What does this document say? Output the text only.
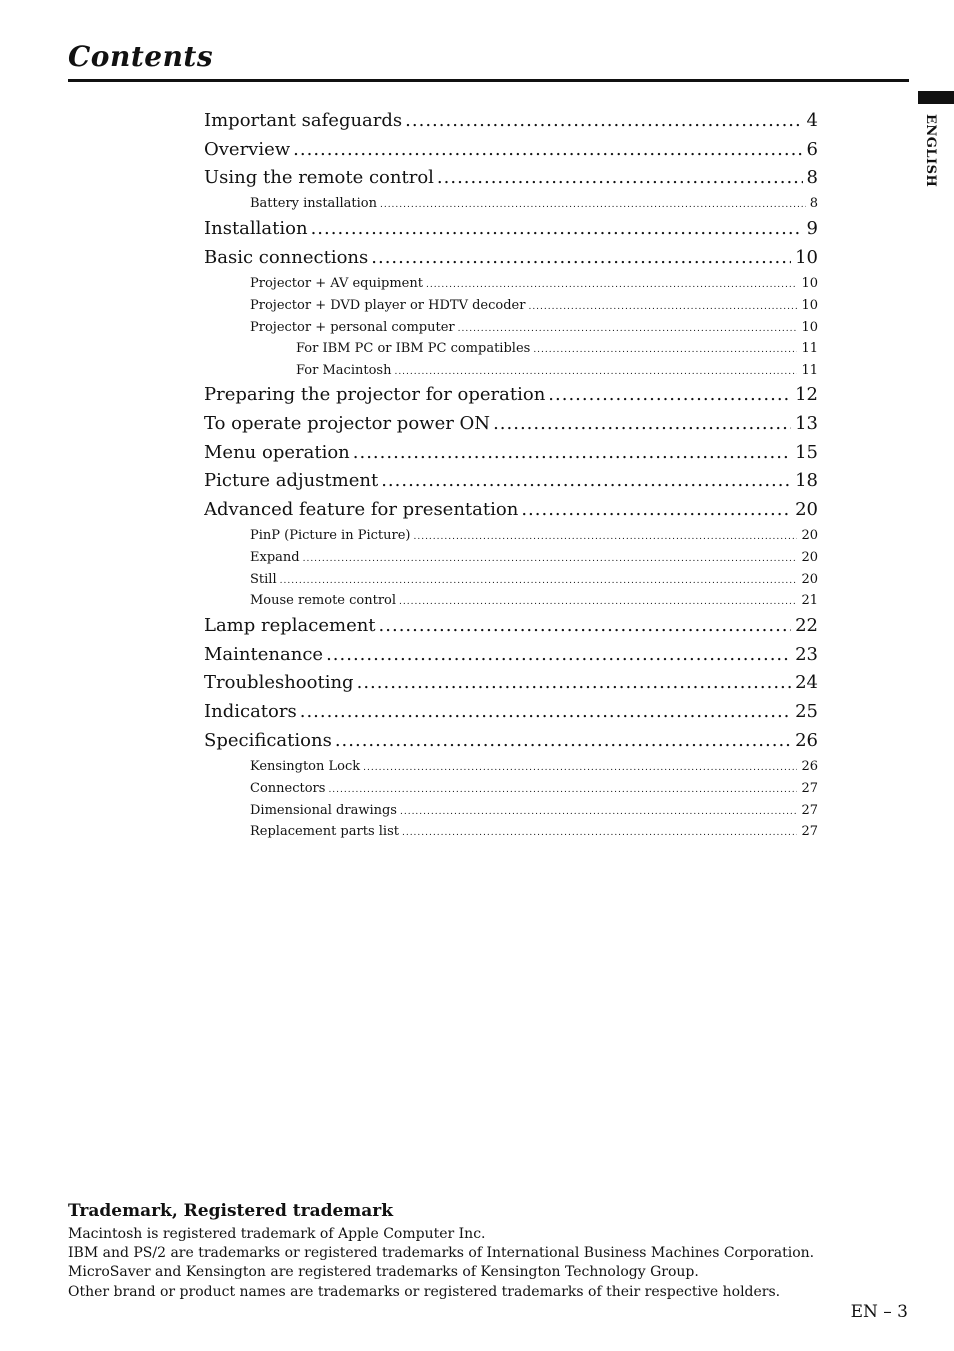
Contents
ENGLISH
Important safeguards .....	4
Overview .....	6
Using the remote control .....	8
Battery installation .....	8
Installation .....	9
Basic connections .....	10
Projector + AV equipment .....	10
Projector + DVD player or HDTV decoder .....	10
Projector + personal computer .....	10
For IBM PC or IBM PC compatibles .....	11
For Macintosh .....	11
Preparing the projector for operation .....	12
To operate projector power ON .....	13
Menu operation .....	15
Picture adjustment .....	18
Advanced feature for presentation .....	20
PinP (Picture in Picture) .....	20
Expand .....	20
Still .....	20
Mouse remote control .....	21
Lamp replacement .....	22
Maintenance .....	23
Troubleshooting .....	24
Indicators .....	25
Specifications .....	26
Kensington Lock .....	26
Connectors .....	27
Dimensional drawings .....	27
Replacement parts list .....	27
Trademark, Registered trademark
Macintosh is registered trademark of Apple Computer Inc.
IBM and PS/2 are trademarks or registered trademarks of International Business Machines Corporation.
MicroSaver and Kensington are registered trademarks of Kensington Technology Group.
Other brand or product names are trademarks or registered trademarks of their respective holders.
EN – 3
